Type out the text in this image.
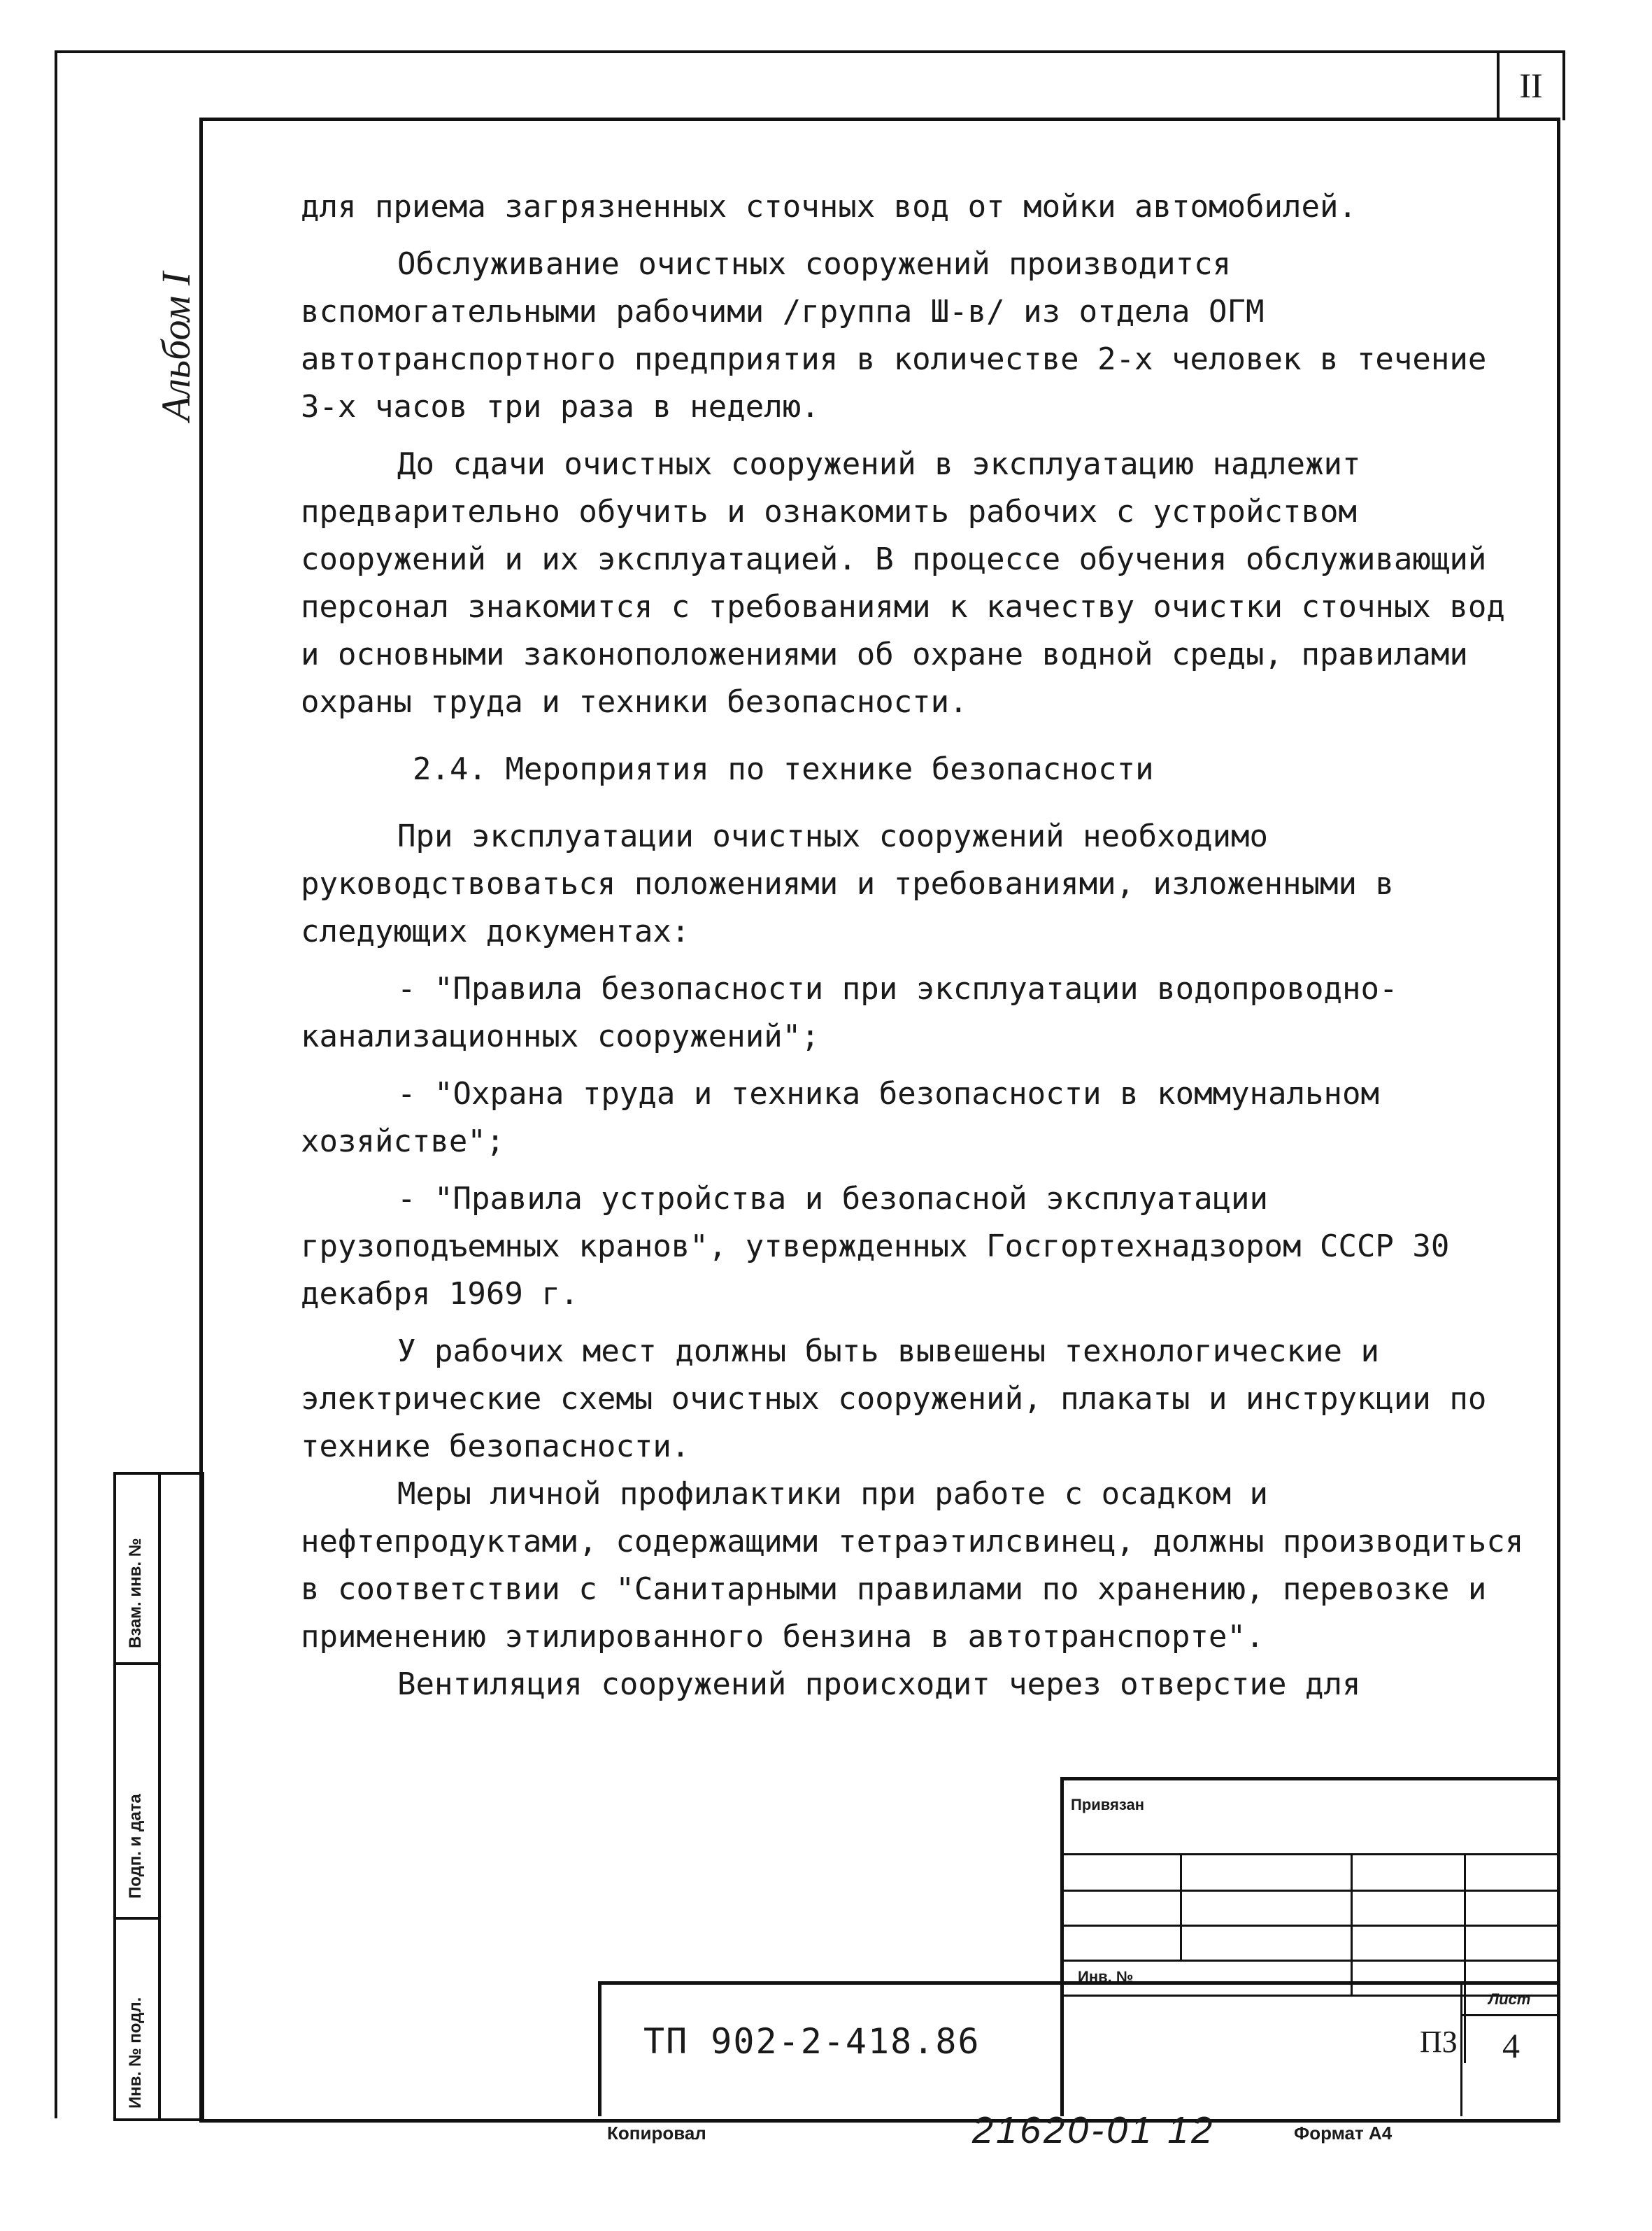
II
Альбом I

для приема загрязненных сточных вод от мойки автомобилей.

Обслуживание очистных сооружений производится вспомогательными рабочими /группа Ш-в/ из отдела ОГМ автотранспортного предприятия в количестве 2-х человек в течение 3-х часов три раза в неделю.

До сдачи очистных сооружений в эксплуатацию надлежит предварительно обучить и ознакомить рабочих с устройством сооружений и их эксплуатацией. В процессе обучения обслуживающий персонал знакомится с требованиями к качеству очистки сточных вод и основными законоположениями об охране водной среды, правилами охраны труда и техники безопасности.

2.4. Мероприятия по технике безопасности

При эксплуатации очистных сооружений необходимо руководствоваться положениями и требованиями, изложенными в следующих документах:

- "Правила безопасности при эксплуатации водопроводно-канализационных сооружений";

- "Охрана труда и техника безопасности в коммунальном хозяйстве";

- "Правила устройства и безопасной эксплуатации грузоподъемных кранов", утвержденных Госгортехнадзором СССР 30 декабря 1969 г.

У рабочих мест должны быть вывешены технологические и электрические схемы очистных сооружений, плакаты и инструкции по технике безопасности.

Меры личной профилактики при работе с осадком и нефтепродуктами, содержащими тетраэтилсвинец, должны производиться в соответствии с "Санитарными правилами по хранению, перевозке и применению этилированного бензина в автотранспорте".

Вентиляция сооружений происходит через отверстие для

Взам. инв. №
Подп. и дата
Инв. № подл.
Привязан
Инв. №
ТП 902-2-418.86	ПЗ
Лист
4
Копировал	21620-01 12	Формат А4
